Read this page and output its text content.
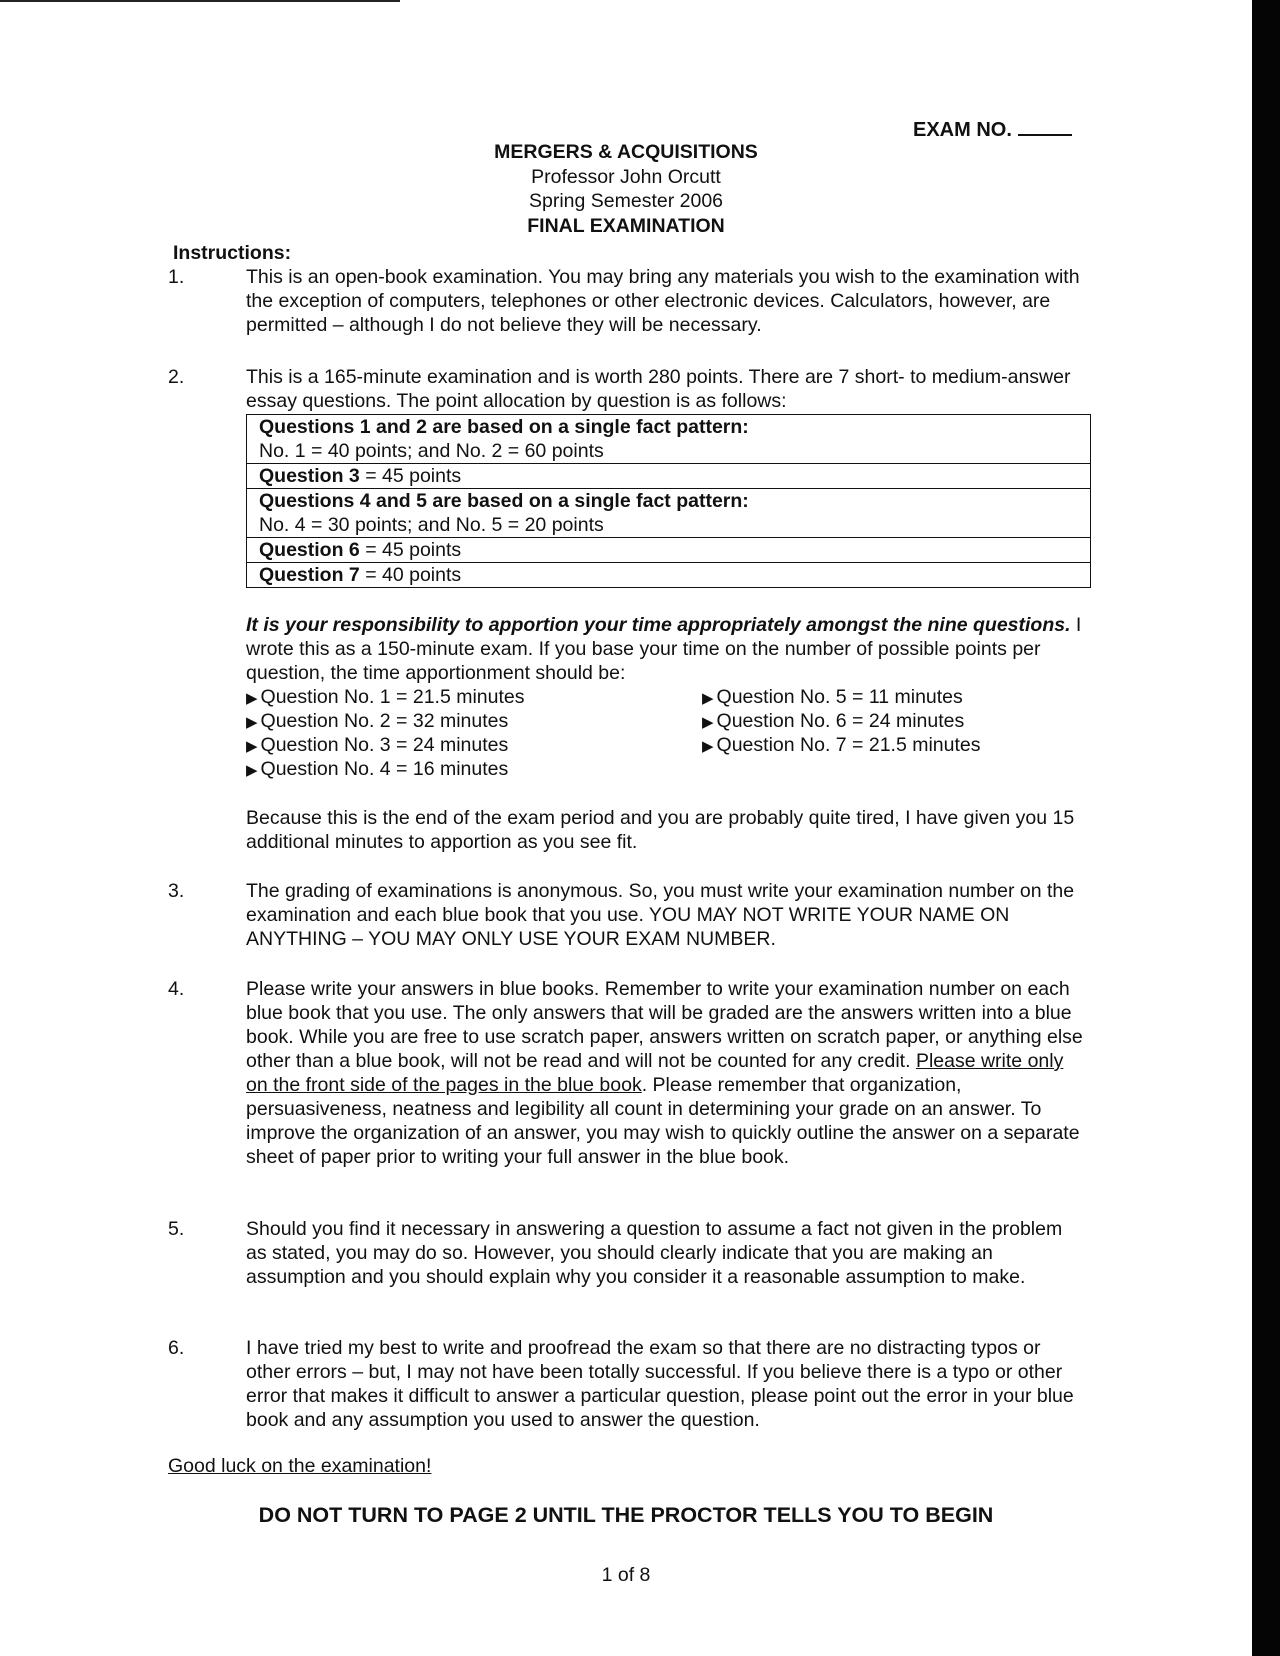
EXAM NO.
MERGERS & ACQUISITIONS
Professor John Orcutt
Spring Semester 2006
FINAL EXAMINATION
Instructions:
1.	This is an open-book examination. You may bring any materials you wish to the examination with the exception of computers, telephones or other electronic devices. Calculators, however, are permitted – although I do not believe they will be necessary.
2.	This is a 165-minute examination and is worth 280 points. There are 7 short- to medium-answer essay questions. The point allocation by question is as follows:
Questions 1 and 2 are based on a single fact pattern:
No. 1 = 40 points; and No. 2 = 60 points
Question 3 = 45 points
Questions 4 and 5 are based on a single fact pattern:
No. 4 = 30 points; and No. 5 = 20 points
Question 6 = 45 points
Question 7 = 40 points
It is your responsibility to apportion your time appropriately amongst the nine questions. I wrote this as a 150-minute exam. If you base your time on the number of possible points per question, the time apportionment should be:
▶ Question No. 1 = 21.5 minutes
▶ Question No. 2 = 32 minutes
▶ Question No. 3 = 24 minutes
▶ Question No. 4 = 16 minutes
▶ Question No. 5 = 11 minutes
▶ Question No. 6 = 24 minutes
▶ Question No. 7 = 21.5 minutes
Because this is the end of the exam period and you are probably quite tired, I have given you 15 additional minutes to apportion as you see fit.
3.	The grading of examinations is anonymous. So, you must write your examination number on the examination and each blue book that you use. YOU MAY NOT WRITE YOUR NAME ON ANYTHING – YOU MAY ONLY USE YOUR EXAM NUMBER.
4.	Please write your answers in blue books. Remember to write your examination number on each blue book that you use. The only answers that will be graded are the answers written into a blue book. While you are free to use scratch paper, answers written on scratch paper, or anything else other than a blue book, will not be read and will not be counted for any credit. Please write only on the front side of the pages in the blue book. Please remember that organization, persuasiveness, neatness and legibility all count in determining your grade on an answer. To improve the organization of an answer, you may wish to quickly outline the answer on a separate sheet of paper prior to writing your full answer in the blue book.
5.	Should you find it necessary in answering a question to assume a fact not given in the problem as stated, you may do so. However, you should clearly indicate that you are making an assumption and you should explain why you consider it a reasonable assumption to make.
6.	I have tried my best to write and proofread the exam so that there are no distracting typos or other errors – but, I may not have been totally successful. If you believe there is a typo or other error that makes it difficult to answer a particular question, please point out the error in your blue book and any assumption you used to answer the question.
Good luck on the examination!
DO NOT TURN TO PAGE 2 UNTIL THE PROCTOR TELLS YOU TO BEGIN
1 of 8
